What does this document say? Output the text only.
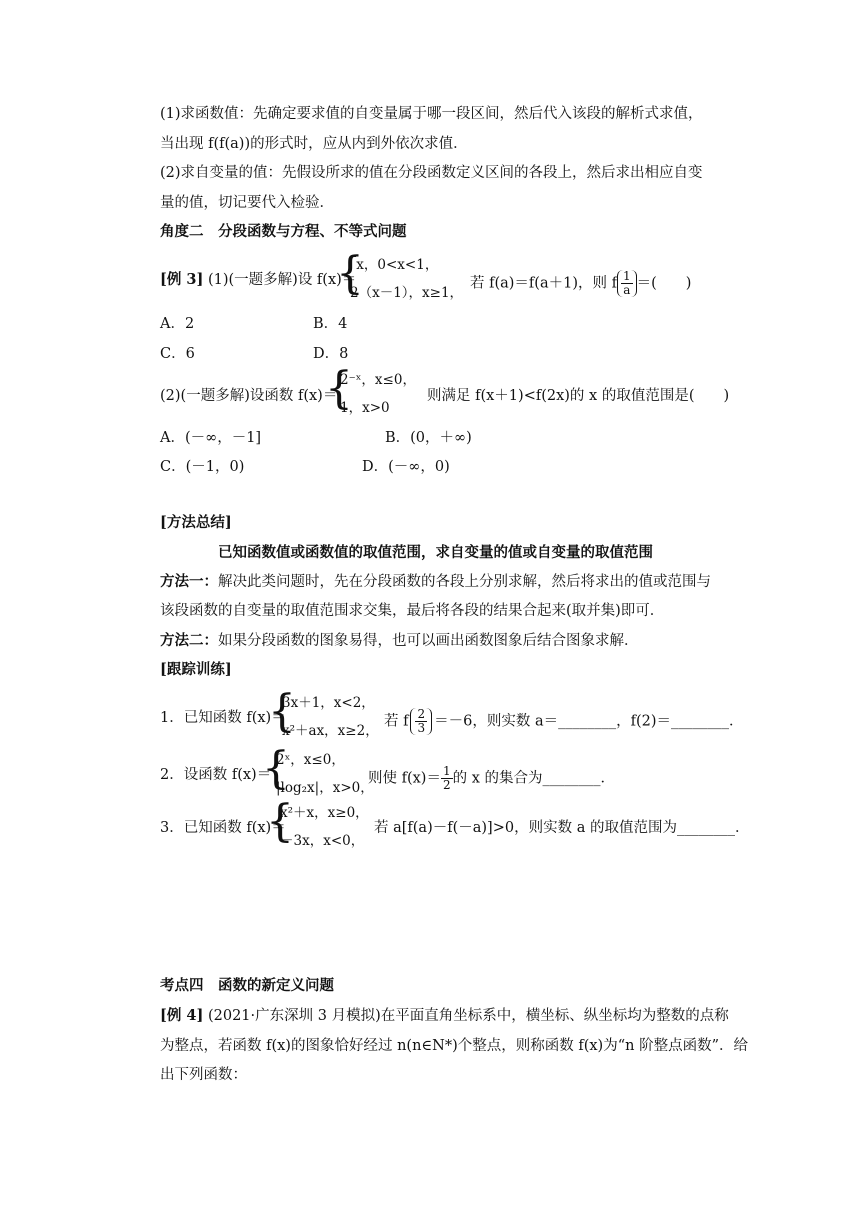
(1)求函数值：先确定要求值的自变量属于哪一段区间，然后代入该段的解析式求值，
当出现 f(f(a))的形式时，应从内到外依次求值．
(2)求自变量的值：先假设所求的值在分段函数定义区间的各段上，然后求出相应自变
量的值，切记要代入检验．
角度二　分段函数与方程、不等式问题
[例 3] (1)(一题多解)设 f(x)＝
{
x，0<x<1，
2（x－1），x≥1，
若 f(a)＝f(a＋1)，则 f $\frac{1}{a}$ ＝(　　)
A．2	B．4
C．6	D．8
(2)(一题多解)设函数 f(x)＝
{
2⁻ˣ，x≤0，
1，x>0
则满足 f(x＋1)<f(2x)的 x 的取值范围是(　　)
A．(－∞，－1]	B．(0，＋∞)
C．(－1，0)	D．(－∞，0)
[方法总结]
已知函数值或函数值的取值范围，求自变量的值或自变量的取值范围
方法一：解决此类问题时，先在分段函数的各段上分别求解，然后将求出的值或范围与
该段函数的自变量的取值范围求交集，最后将各段的结果合起来(取并集)即可．
方法二：如果分段函数的图象易得，也可以画出函数图象后结合图象求解．
[跟踪训练]
1．已知函数 f(x)＝
{
3x＋1，x<2，
x²＋ax，x≥2，
若 f $\frac{2}{3} =-6$，则实数 a＝________，f(2)＝________．
2．设函数 f(x)＝
{
2ˣ，x≤0，
|log₂x|，x>0，
则使 $f(x)= \frac{1}{2}$ 的 x 的集合为________．
3．已知函数 f(x)＝
{
x²＋x，x≥0，
－3x，x<0，
若 a[f(a)－f(－a)]>0，则实数 a 的取值范围为________．
考点四　函数的新定义问题
[例 4] (2021·广东深圳 3 月模拟)在平面直角坐标系中，横坐标、纵坐标均为整数的点称
为整点，若函数 f(x)的图象恰好经过 n(n∈N*)个整点，则称函数 f(x)为“n 阶整点函数”．给
出下列函数：
